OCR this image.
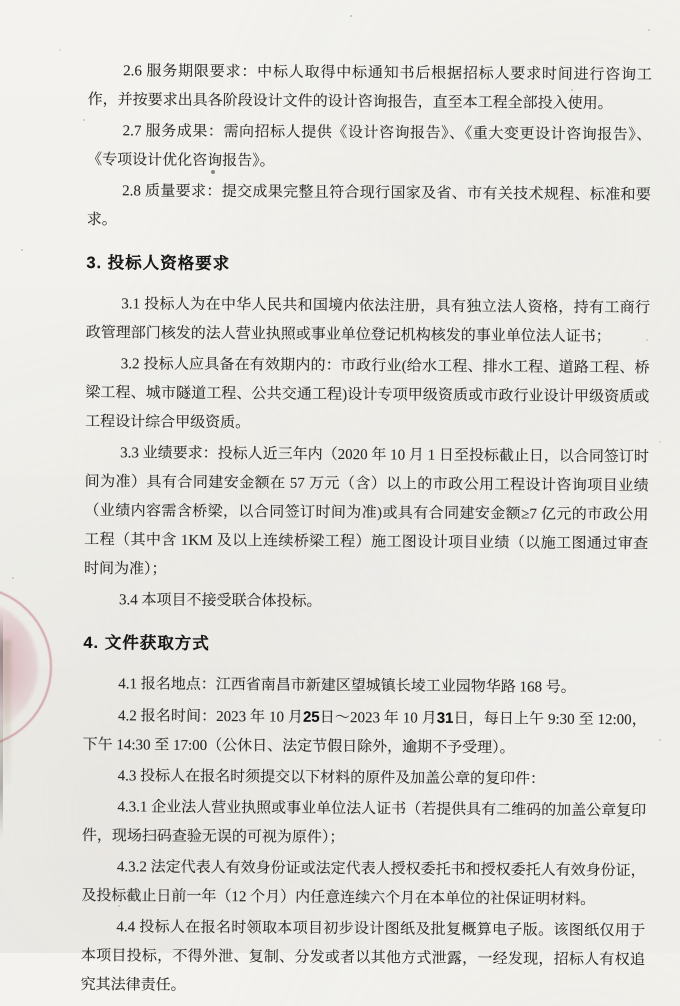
2.6 服务期限要求：中标人取得中标通知书后根据招标人要求时间进行咨询工作，并按要求出具各阶段设计文件的设计咨询报告，直至本工程全部投入使用。

2.7 服务成果：需向招标人提供《设计咨询报告》、《重大变更设计咨询报告》、《专项设计优化咨询报告》。

2.8 质量要求：提交成果完整且符合现行国家及省、市有关技术规程、标准和要求。

3. 投标人资格要求

3.1 投标人为在中华人民共和国境内依法注册，具有独立法人资格，持有工商行政管理部门核发的法人营业执照或事业单位登记机构核发的事业单位法人证书；

3.2 投标人应具备在有效期内的：市政行业(给水工程、排水工程、道路工程、桥梁工程、城市隧道工程、公共交通工程)设计专项甲级资质或市政行业设计甲级资质或工程设计综合甲级资质。

3.3 业绩要求：投标人近三年内（2020 年 10 月 1 日至投标截止日，以合同签订时间为准）具有合同建安金额在 57 万元（含）以上的市政公用工程设计咨询项目业绩（业绩内容需含桥梁，以合同签订时间为准)或具有合同建安金额≥7 亿元的市政公用工程（其中含 1KM 及以上连续桥梁工程）施工图设计项目业绩（以施工图通过审查时间为准）；

3.4 本项目不接受联合体投标。

4. 文件获取方式

4.1 报名地点：江西省南昌市新建区望城镇长堎工业园物华路 168 号。

4.2 报名时间：2023 年 10 月25日～2023 年 10 月31日，每日上午 9:30 至 12:00，下午 14:30 至 17:00（公休日、法定节假日除外，逾期不予受理）。

4.3 投标人在报名时须提交以下材料的原件及加盖公章的复印件：

4.3.1 企业法人营业执照或事业单位法人证书（若提供具有二维码的加盖公章复印件，现场扫码查验无误的可视为原件）；

4.3.2 法定代表人有效身份证或法定代表人授权委托书和授权委托人有效身份证，及投标截止日前一年（12 个月）内任意连续六个月在本单位的社保证明材料。

4.4 投标人在报名时领取本项目初步设计图纸及批复概算电子版。该图纸仅用于本项目投标，不得外泄、复制、分发或者以其他方式泄露，一经发现，招标人有权追究其法律责任。
